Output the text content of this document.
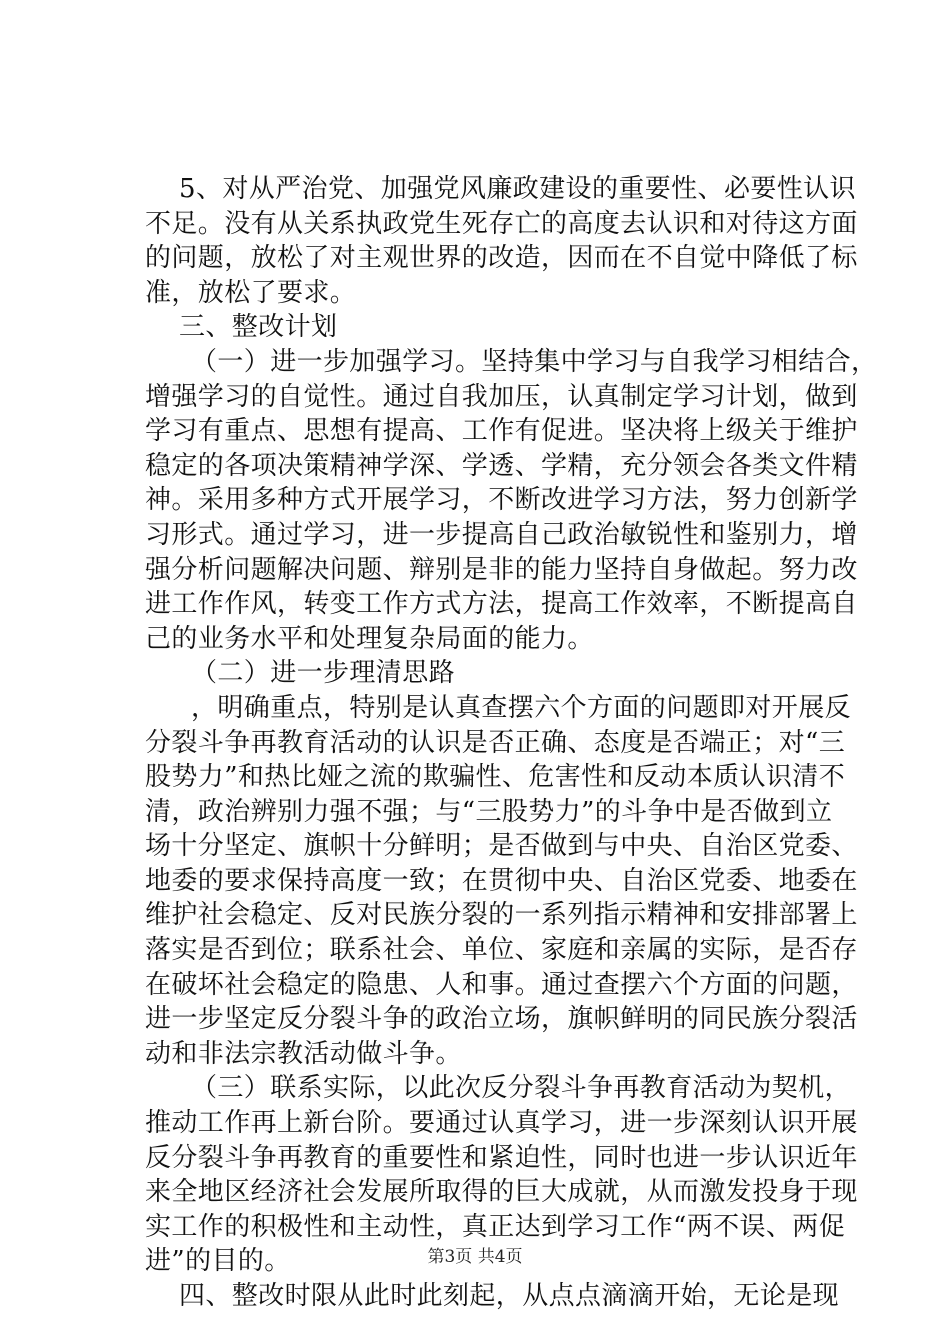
5、对从严治党、加强党风廉政建设的重要性、必要性认识
不足。没有从关系执政党生死存亡的高度去认识和对待这方面
的问题，放松了对主观世界的改造，因而在不自觉中降低了标
准，放松了要求。
三、整改计划
（一）进一步加强学习。坚持集中学习与自我学习相结合，
增强学习的自觉性。通过自我加压，认真制定学习计划，做到
学习有重点、思想有提高、工作有促进。坚决将上级关于维护
稳定的各项决策精神学深、学透、学精，充分领会各类文件精
神。采用多种方式开展学习，不断改进学习方法，努力创新学
习形式。通过学习，进一步提高自己政治敏锐性和鉴别力，增
强分析问题解决问题、辩别是非的能力坚持自身做起。努力改
进工作作风，转变工作方式方法，提高工作效率，不断提高自
己的业务水平和处理复杂局面的能力。
（二）进一步理清思路
，明确重点，特别是认真查摆六个方面的问题即对开展反
分裂斗争再教育活动的认识是否正确、态度是否端正；对“三
股势力”和热比娅之流的欺骗性、危害性和反动本质认识清不
清，政治辨别力强不强；与“三股势力”的斗争中是否做到立
场十分坚定、旗帜十分鲜明；是否做到与中央、自治区党委、
地委的要求保持高度一致；在贯彻中央、自治区党委、地委在
维护社会稳定、反对民族分裂的一系列指示精神和安排部署上
落实是否到位；联系社会、单位、家庭和亲属的实际，是否存
在破坏社会稳定的隐患、人和事。通过查摆六个方面的问题，
进一步坚定反分裂斗争的政治立场，旗帜鲜明的同民族分裂活
动和非法宗教活动做斗争。
（三）联系实际，以此次反分裂斗争再教育活动为契机，
推动工作再上新台阶。要通过认真学习，进一步深刻认识开展
反分裂斗争再教育的重要性和紧迫性，同时也进一步认识近年
来全地区经济社会发展所取得的巨大成就，从而激发投身于现
实工作的积极性和主动性，真正达到学习工作“两不误、两促
进”的目的。
四、整改时限从此时此刻起，从点点滴滴开始，无论是现
第3页 共4页
